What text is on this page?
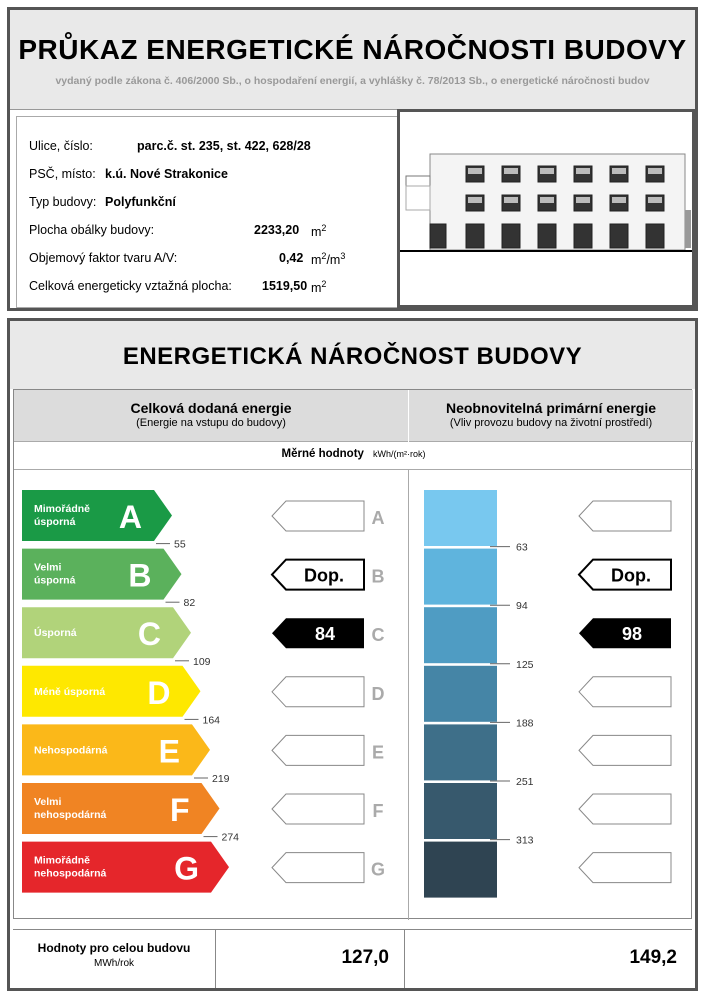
PRŮKAZ ENERGETICKÉ NÁROČNOSTI BUDOVY
vydaný podle zákona č. 406/2000 Sb., o hospodaření energií, a vyhlášky č. 78/2013 Sb., o energetické náročnosti budov
Ulice, číslo:	parc.č. st. 235, st. 422, 628/28
PSČ, místo: k.ú. Nové Strakonice
Typ budovy: Polyfunkční
Plocha obálky budovy:	2233,20 $m^2$
Objemový faktor tvaru A/V:	0,42 $m^2/m^3$
Celková energeticky vztažná plocha: 1519,50 $m^2$
ENERGETICKÁ NÁROČNOST BUDOVY
Celková dodaná energie
(Energie na vstupu do budovy)
Neobnovitelná primární energie
(Vliv provozu budovy na životní prostředí)
Měrné hodnoty kWh/(m²·rok)
Mimořádně
úsporná A	A
Velmi
úsporná B	Dop. B	Dop.
Úsporná C	84 C	98
Méně úsporná D	D
Nehospodárná E	E
Velmi
nehospodárná F	F
Mimořádně
nehospodárná G	G
55
82
109
164
219
274
63
94
125
188
251
313
Hodnoty pro celou budovu
MWh/rok	127,0	149,2
